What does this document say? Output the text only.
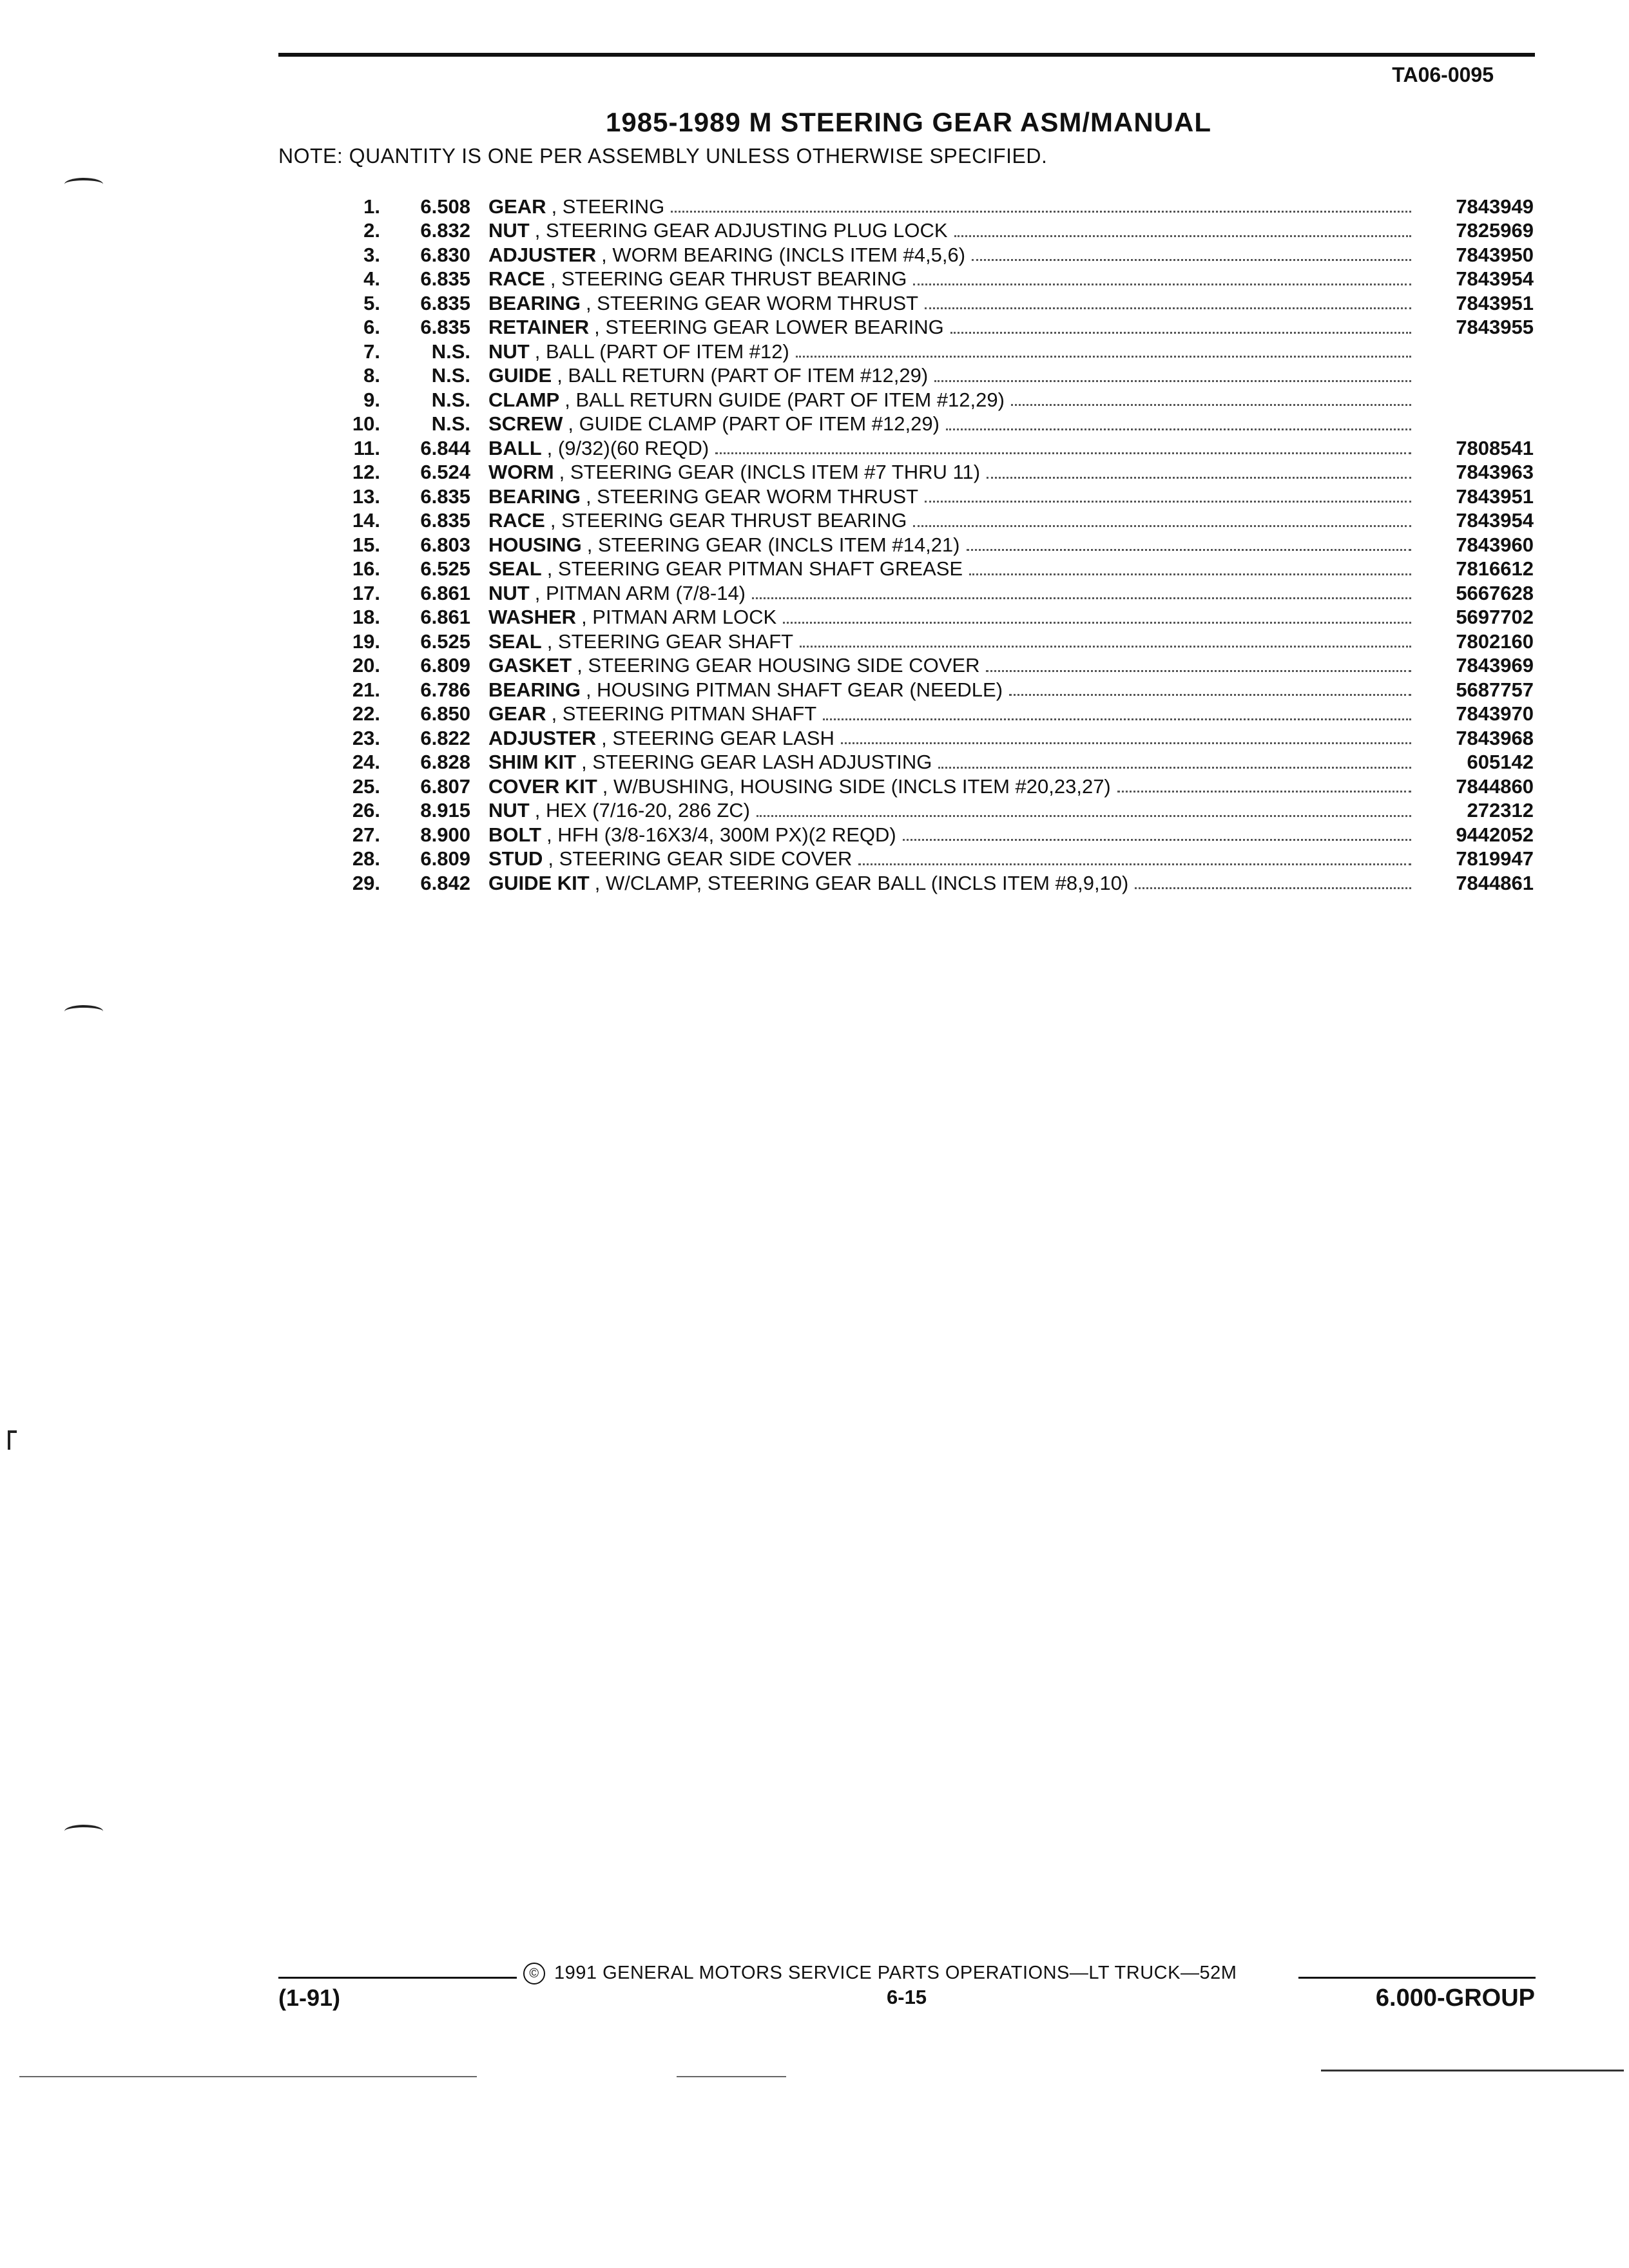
TA06-0095
1985-1989 M STEERING GEAR ASM/MANUAL
NOTE: QUANTITY IS ONE PER ASSEMBLY UNLESS OTHERWISE SPECIFIED.
1.	6.508 GEAR , STEERING	7843949
2.	6.832 NUT , STEERING GEAR ADJUSTING PLUG LOCK	7825969
3.	6.830 ADJUSTER , WORM BEARING (INCLS ITEM #4,5,6)	7843950
4.	6.835 RACE , STEERING GEAR THRUST BEARING	7843954
5.	6.835 BEARING , STEERING GEAR WORM THRUST	7843951
6.	6.835 RETAINER , STEERING GEAR LOWER BEARING	7843955
7.	N.S. NUT , BALL (PART OF ITEM #12)
8.	N.S. GUIDE , BALL RETURN (PART OF ITEM #12,29)
9.	N.S. CLAMP , BALL RETURN GUIDE (PART OF ITEM #12,29)
10.	N.S. SCREW , GUIDE CLAMP (PART OF ITEM #12,29)
11.	6.844 BALL , (9/32)(60 REQD)	7808541
12.	6.524 WORM , STEERING GEAR (INCLS ITEM #7 THRU 11)	7843963
13.	6.835 BEARING , STEERING GEAR WORM THRUST	7843951
14.	6.835 RACE , STEERING GEAR THRUST BEARING	7843954
15.	6.803 HOUSING , STEERING GEAR (INCLS ITEM #14,21)	7843960
16.	6.525 SEAL , STEERING GEAR PITMAN SHAFT GREASE	7816612
17.	6.861 NUT , PITMAN ARM (7/8-14)	5667628
18.	6.861 WASHER , PITMAN ARM LOCK	5697702
19.	6.525 SEAL , STEERING GEAR SHAFT	7802160
20.	6.809 GASKET , STEERING GEAR HOUSING SIDE COVER	7843969
21.	6.786 BEARING , HOUSING PITMAN SHAFT GEAR (NEEDLE)	5687757
22.	6.850 GEAR , STEERING PITMAN SHAFT	7843970
23.	6.822 ADJUSTER , STEERING GEAR LASH	7843968
24.	6.828 SHIM KIT , STEERING GEAR LASH ADJUSTING	605142
25.	6.807 COVER KIT , W/BUSHING, HOUSING SIDE (INCLS ITEM #20,23,27)	7844860
26.	8.915 NUT , HEX (7/16-20, 286 ZC)	272312
27.	8.900 BOLT , HFH (3/8-16X3/4, 300M PX)(2 REQD)	9442052
28.	6.809 STUD , STEERING GEAR SIDE COVER	7819947
29.	6.842 GUIDE KIT , W/CLAMP, STEERING GEAR BALL (INCLS ITEM #8,9,10)	7844861
© 1991 GENERAL MOTORS SERVICE PARTS OPERATIONS—LT TRUCK—52M
(1-91)	6-15	6.000-GROUP
